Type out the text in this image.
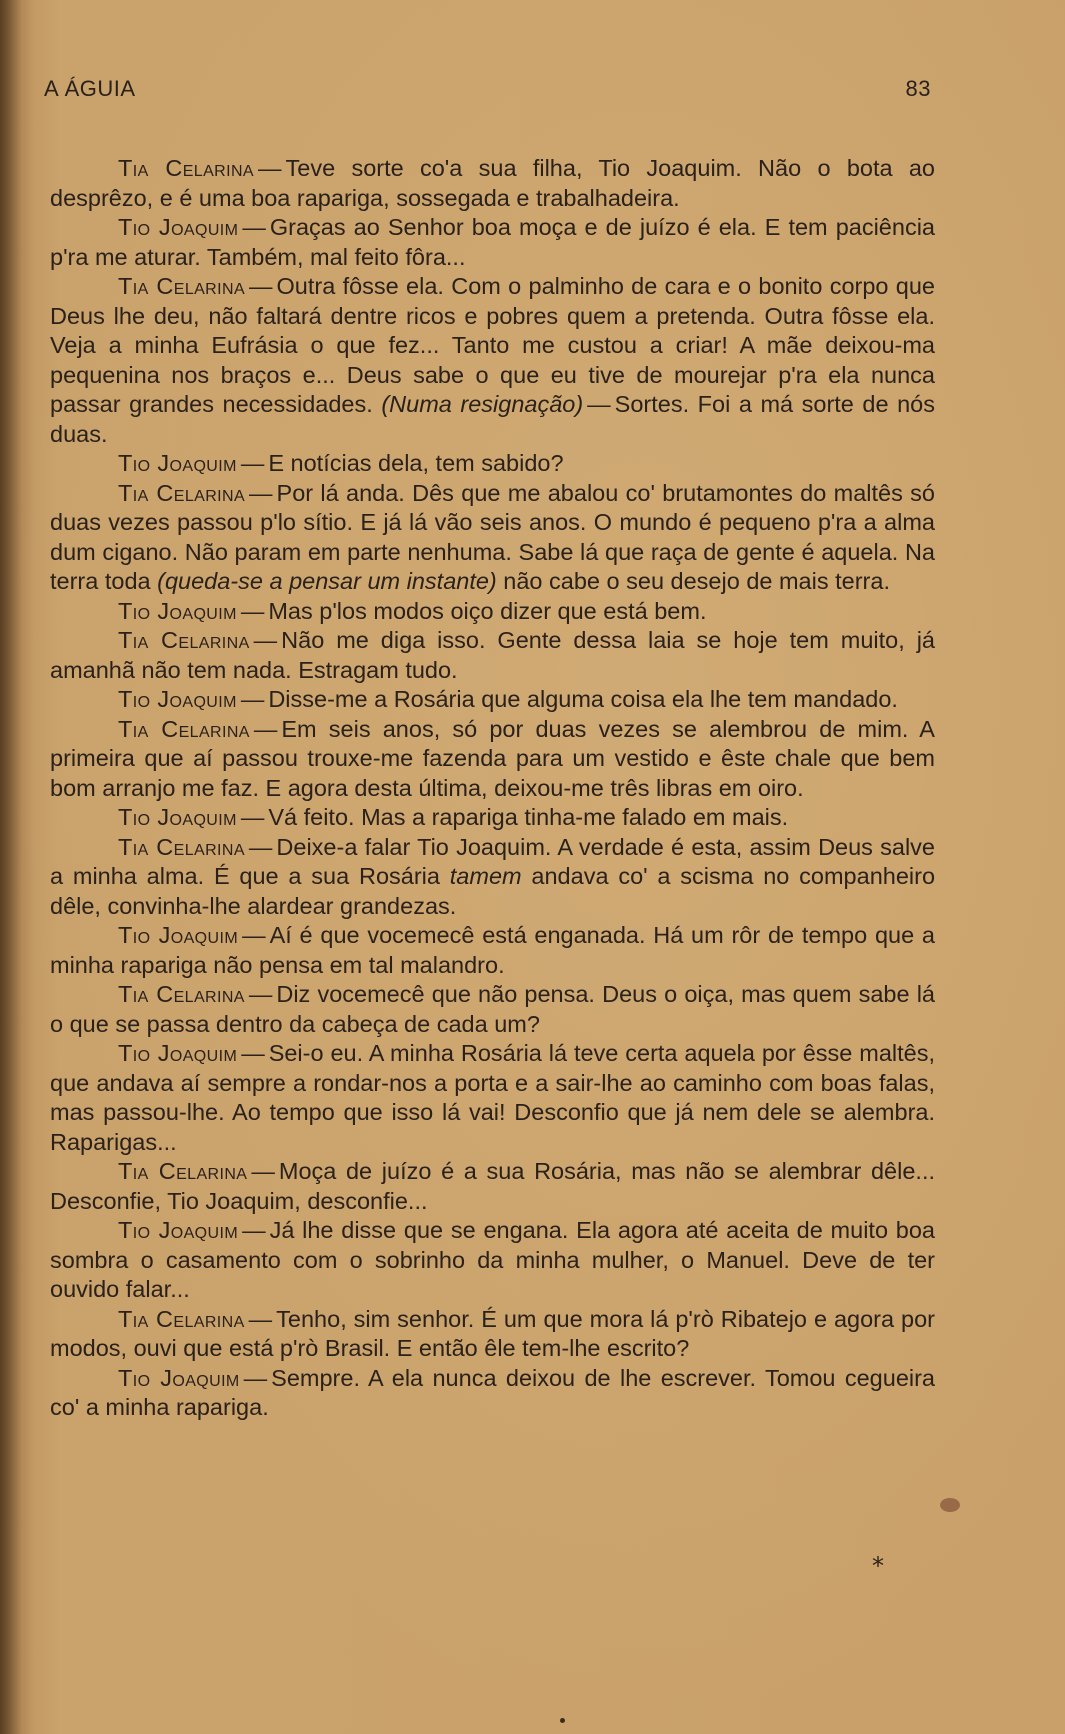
A ÁGUIA	83

Tia Celarina — Teve sorte co'a sua filha, Tio Joaquim. Não o bota ao desprêzo, e é uma boa rapariga, sossegada e trabalhadeira.

Tio Joaquim — Graças ao Senhor boa moça e de juízo é ela. E tem paciência p'ra me aturar. Também, mal feito fôra...

Tia Celarina — Outra fôsse ela. Com o palminho de cara e o bonito corpo que Deus lhe deu, não faltará dentre ricos e pobres quem a pretenda. Outra fôsse ela. Veja a minha Eufrásia o que fez... Tanto me custou a criar! A mãe deixou-ma pequenina nos braços e... Deus sabe o que eu tive de mourejar p'ra ela nunca passar grandes necessidades. (Numa resignação) — Sortes. Foi a má sorte de nós duas.

Tio Joaquim — E notícias dela, tem sabido?

Tia Celarina — Por lá anda. Dês que me abalou co' brutamontes do maltês só duas vezes passou p'lo sítio. E já lá vão seis anos. O mundo é pequeno p'ra a alma dum cigano. Não param em parte nenhuma. Sabe lá que raça de gente é aquela. Na terra toda (queda-se a pensar um instante) não cabe o seu desejo de mais terra.

Tio Joaquim — Mas p'los modos oiço dizer que está bem.

Tia Celarina — Não me diga isso. Gente dessa laia se hoje tem muito, já amanhã não tem nada. Estragam tudo.

Tio Joaquim — Disse-me a Rosária que alguma coisa ela lhe tem mandado.

Tia Celarina — Em seis anos, só por duas vezes se alembrou de mim. A primeira que aí passou trouxe-me fazenda para um vestido e êste chale que bem bom arranjo me faz. E agora desta última, deixou-me três libras em oiro.

Tio Joaquim — Vá feito. Mas a rapariga tinha-me falado em mais.

Tia Celarina — Deixe-a falar Tio Joaquim. A verdade é esta, assim Deus salve a minha alma. É que a sua Rosária tamem andava co' a scisma no companheiro dêle, convinha-lhe alardear grandezas.

Tio Joaquim — Aí é que vocemecê está enganada. Há um rôr de tempo que a minha rapariga não pensa em tal malandro.

Tia Celarina — Diz vocemecê que não pensa. Deus o oiça, mas quem sabe lá o que se passa dentro da cabeça de cada um?

Tio Joaquim — Sei-o eu. A minha Rosária lá teve certa aquela por êsse maltês, que andava aí sempre a rondar-nos a porta e a sair-lhe ao caminho com boas falas, mas passou-lhe. Ao tempo que isso lá vai! Desconfio que já nem dele se alembra. Raparigas...

Tia Celarina — Moça de juízo é a sua Rosária, mas não se alembrar dêle... Desconfie, Tio Joaquim, desconfie...

Tio Joaquim — Já lhe disse que se engana. Ela agora até aceita de muito boa sombra o casamento com o sobrinho da minha mulher, o Manuel. Deve de ter ouvido falar...

Tia Celarina — Tenho, sim senhor. É um que mora lá p'rò Ribatejo e agora por modos, ouvi que está p'rò Brasil. E então êle tem-lhe escrito?

Tio Joaquim — Sempre. A ela nunca deixou de lhe escrever. Tomou cegueira co' a minha rapariga.

*
